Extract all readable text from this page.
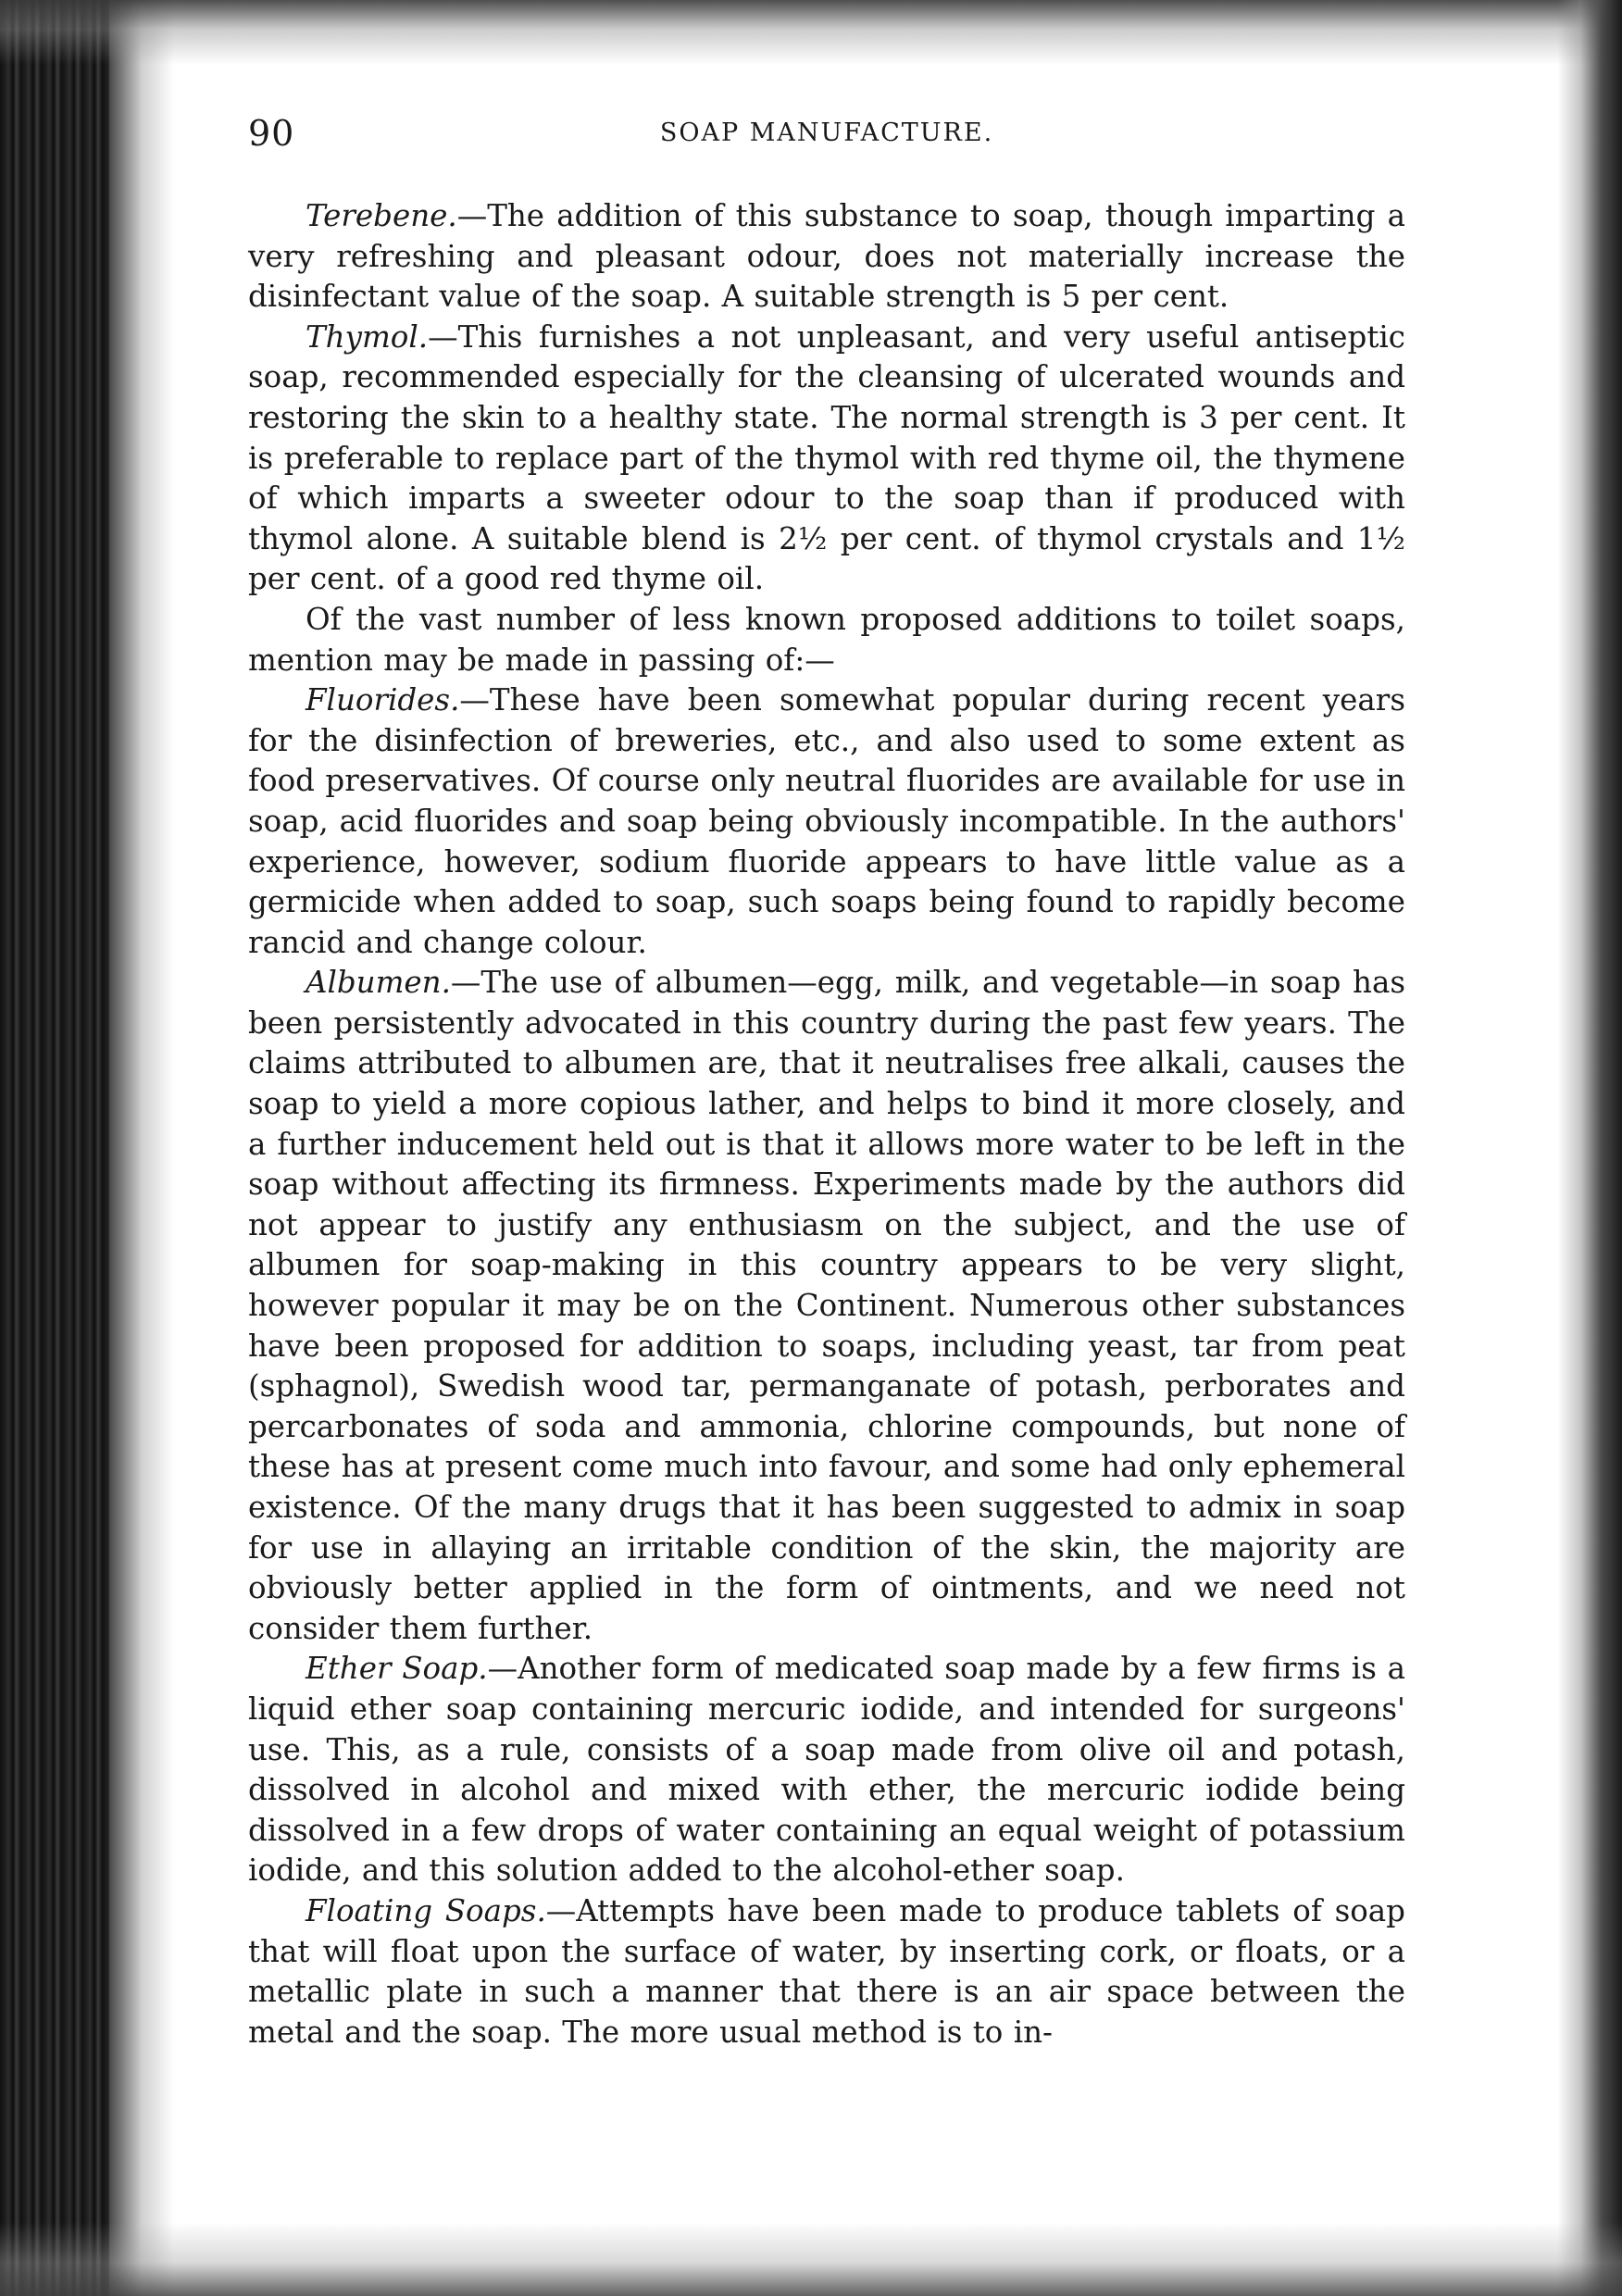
90	SOAP MANUFACTURE.

Terebene.—The addition of this substance to soap, though imparting a very refreshing and pleasant odour, does not materially increase the disinfectant value of the soap. A suitable strength is 5 per cent.

Thymol.—This furnishes a not unpleasant, and very useful antiseptic soap, recommended especially for the cleansing of ulcerated wounds and restoring the skin to a healthy state. The normal strength is 3 per cent. It is preferable to replace part of the thymol with red thyme oil, the thymene of which imparts a sweeter odour to the soap than if produced with thymol alone. A suitable blend is 2½ per cent. of thymol crystals and 1½ per cent. of a good red thyme oil.

Of the vast number of less known proposed additions to toilet soaps, mention may be made in passing of:—

Fluorides.—These have been somewhat popular during recent years for the disinfection of breweries, etc., and also used to some extent as food preservatives. Of course only neutral fluorides are available for use in soap, acid fluorides and soap being obviously incompatible. In the authors' experience, however, sodium fluoride appears to have little value as a germicide when added to soap, such soaps being found to rapidly become rancid and change colour.

Albumen.—The use of albumen—egg, milk, and vegetable—in soap has been persistently advocated in this country during the past few years. The claims attributed to albumen are, that it neutralises free alkali, causes the soap to yield a more copious lather, and helps to bind it more closely, and a further inducement held out is that it allows more water to be left in the soap without affecting its firmness. Experiments made by the authors did not appear to justify any enthusiasm on the subject, and the use of albumen for soap-making in this country appears to be very slight, however popular it may be on the Continent. Numerous other substances have been proposed for addition to soaps, including yeast, tar from peat (sphagnol), Swedish wood tar, permanganate of potash, perborates and percarbonates of soda and ammonia, chlorine compounds, but none of these has at present come much into favour, and some had only ephemeral existence. Of the many drugs that it has been suggested to admix in soap for use in allaying an irritable condition of the skin, the majority are obviously better applied in the form of ointments, and we need not consider them further.

Ether Soap.—Another form of medicated soap made by a few firms is a liquid ether soap containing mercuric iodide, and intended for surgeons' use. This, as a rule, consists of a soap made from olive oil and potash, dissolved in alcohol and mixed with ether, the mercuric iodide being dissolved in a few drops of water containing an equal weight of potassium iodide, and this solution added to the alcohol-ether soap.

Floating Soaps.—Attempts have been made to produce tablets of soap that will float upon the surface of water, by inserting cork, or floats, or a metallic plate in such a manner that there is an air space between the metal and the soap. The more usual method is to in-
